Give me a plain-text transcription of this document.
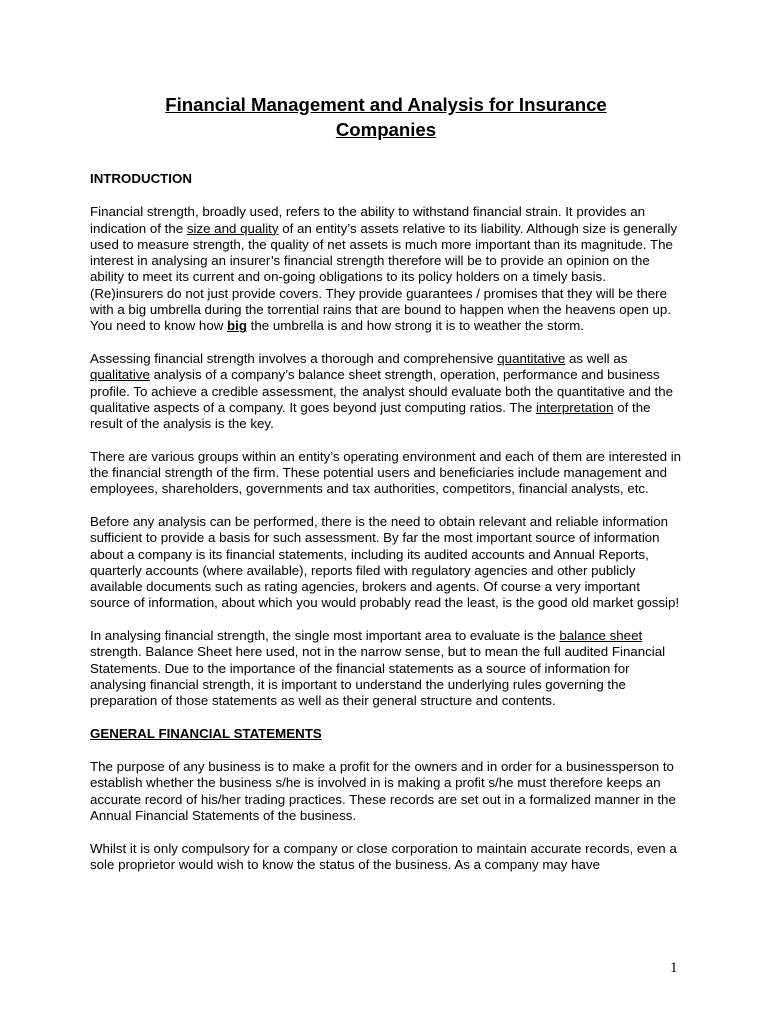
Financial Management and Analysis for Insurance
Companies
INTRODUCTION

Financial strength, broadly used, refers to the ability to withstand financial strain. It provides an indication of the size and quality of an entity’s assets relative to its liability. Although size is generally used to measure strength, the quality of net assets is much more important than its magnitude. The interest in analysing an insurer’s financial strength therefore will be to provide an opinion on the ability to meet its current and on-going obligations to its policy holders on a timely basis. (Re)insurers do not just provide covers. They provide guarantees / promises that they will be there with a big umbrella during the torrential rains that are bound to happen when the heavens open up. You need to know how big the umbrella is and how strong it is to weather the storm.

Assessing financial strength involves a thorough and comprehensive quantitative as well as qualitative analysis of a company’s balance sheet strength, operation, performance and business profile. To achieve a credible assessment, the analyst should evaluate both the quantitative and the qualitative aspects of a company. It goes beyond just computing ratios. The interpretation of the result of the analysis is the key.

There are various groups within an entity’s operating environment and each of them are interested in the financial strength of the firm. These potential users and beneficiaries include management and employees, shareholders, governments and tax authorities, competitors, financial analysts, etc.

Before any analysis can be performed, there is the need to obtain relevant and reliable information sufficient to provide a basis for such assessment. By far the most important source of information about a company is its financial statements, including its audited accounts and Annual Reports, quarterly accounts (where available), reports filed with regulatory agencies and other publicly available documents such as rating agencies, brokers and agents. Of course a very important source of information, about which you would probably read the least, is the good old market gossip!

In analysing financial strength, the single most important area to evaluate is the balance sheet strength. Balance Sheet here used, not in the narrow sense, but to mean the full audited Financial Statements. Due to the importance of the financial statements as a source of information for analysing financial strength, it is important to understand the underlying rules governing the preparation of those statements as well as their general structure and contents.

GENERAL FINANCIAL STATEMENTS

The purpose of any business is to make a profit for the owners and in order for a businessperson to establish whether the business s/he is involved in is making a profit s/he must therefore keeps an accurate record of his/her trading practices. These records are set out in a formalized manner in the Annual Financial Statements of the business.

Whilst it is only compulsory for a company or close corporation to maintain accurate records, even a sole proprietor would wish to know the status of the business. As a company may have

1
